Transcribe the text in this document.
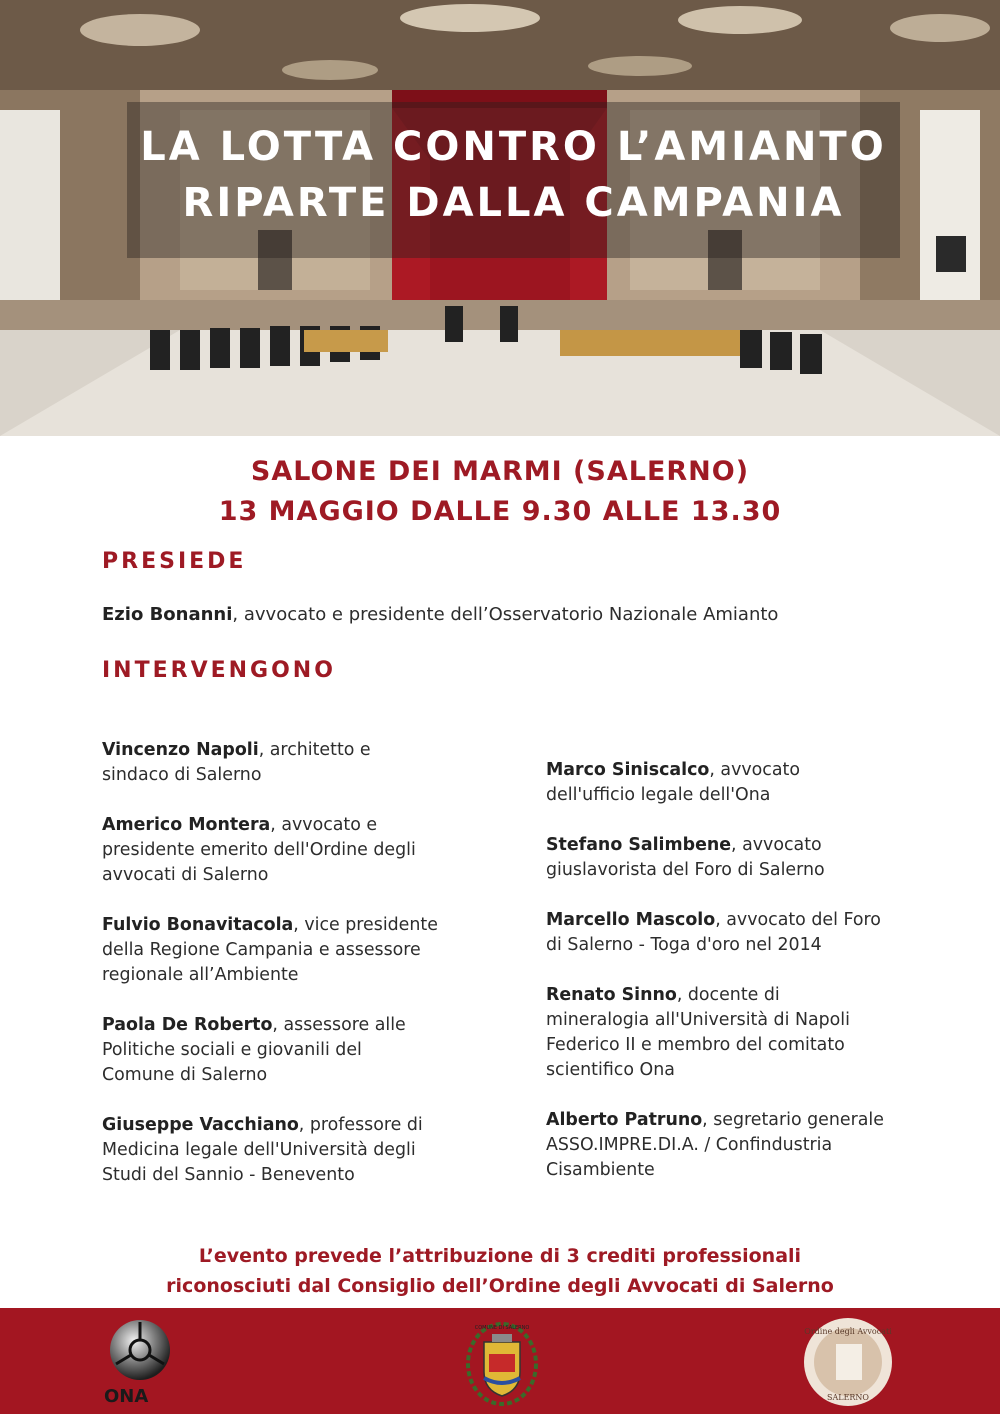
LA LOTTA CONTRO L’AMIANTO
RIPARTE DALLA CAMPANIA
SALONE DEI MARMI (SALERNO)
13 MAGGIO DALLE 9.30 ALLE 13.30
PRESIEDE
Ezio Bonanni, avvocato e presidente dell’Osservatorio Nazionale Amianto
INTERVENGONO
Vincenzo Napoli, architetto e
sindaco di Salerno
Americo Montera, avvocato e
presidente emerito dell'Ordine degli
avvocati di Salerno
Fulvio Bonavitacola, vice presidente
della Regione Campania e assessore
regionale all’Ambiente
Paola De Roberto, assessore alle
Politiche sociali e giovanili del
Comune di Salerno
Giuseppe Vacchiano, professore di
Medicina legale dell'Università degli
Studi del Sannio - Benevento
Marco Siniscalco, avvocato
dell'ufficio legale dell'Ona
Stefano Salimbene, avvocato
giuslavorista del Foro di Salerno
Marcello Mascolo, avvocato del Foro
di Salerno - Toga d'oro nel 2014
Renato Sinno, docente di
mineralogia all'Università di Napoli
Federico II e membro del comitato
scientifico Ona
Alberto Patruno, segretario generale
ASSO.IMPRE.DI.A. / Confindustria
Cisambiente
L’evento prevede l’attribuzione di 3 crediti professionali
riconosciuti dal Consiglio dell’Ordine degli Avvocati di Salerno
ONA
COMUNE DI SALERNO	Ordine degli Avvocati
SALERNO
